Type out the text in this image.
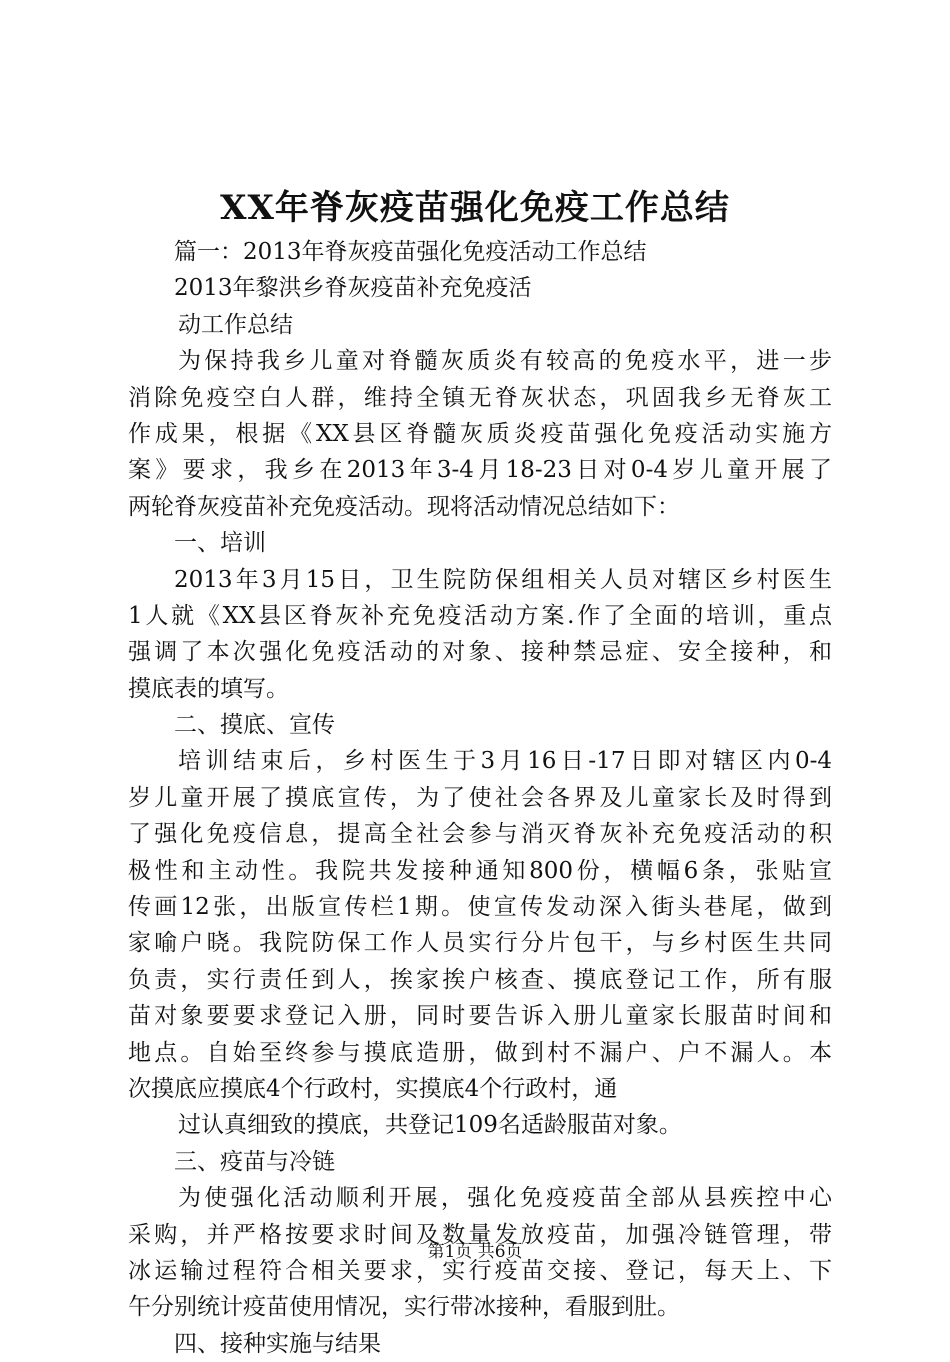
XX年脊灰疫苗强化免疫工作总结
篇一：2013年脊灰疫苗强化免疫活动工作总结
2013年黎洪乡脊灰疫苗补充免疫活
动工作总结
为保持我乡儿童对脊髓灰质炎有较高的免疫水平，进一步
消除免疫空白人群，维持全镇无脊灰状态，巩固我乡无脊灰工
作成果，根据《XX县区脊髓灰质炎疫苗强化免疫活动实施方
案》要求，我乡在2013年3-4月18-23日对0-4岁儿童开展了
两轮脊灰疫苗补充免疫活动。现将活动情况总结如下：
一、培训
2013年3月15日，卫生院防保组相关人员对辖区乡村医生
1人就《XX县区脊灰补充免疫活动方案.作了全面的培训，重点
强调了本次强化免疫活动的对象、接种禁忌症、安全接种，和
摸底表的填写。
二、摸底、宣传
培训结束后，乡村医生于3月16日-17日即对辖区内0-4
岁儿童开展了摸底宣传，为了使社会各界及儿童家长及时得到
了强化免疫信息，提高全社会参与消灭脊灰补充免疫活动的积
极性和主动性。我院共发接种通知800份，横幅6条，张贴宣
传画12张，出版宣传栏1期。使宣传发动深入街头巷尾，做到
家喻户晓。我院防保工作人员实行分片包干，与乡村医生共同
负责，实行责任到人，挨家挨户核查、摸底登记工作，所有服
苗对象要要求登记入册，同时要告诉入册儿童家长服苗时间和
地点。自始至终参与摸底造册，做到村不漏户、户不漏人。本
次摸底应摸底4个行政村，实摸底4个行政村，通
过认真细致的摸底，共登记109名适龄服苗对象。
三、疫苗与冷链
为使强化活动顺利开展，强化免疫疫苗全部从县疾控中心
采购，并严格按要求时间及数量发放疫苗，加强冷链管理，带
冰运输过程符合相关要求，实行疫苗交接、登记，每天上、下
午分别统计疫苗使用情况，实行带冰接种，看服到肚。
四、接种实施与结果
第1页 共6页
